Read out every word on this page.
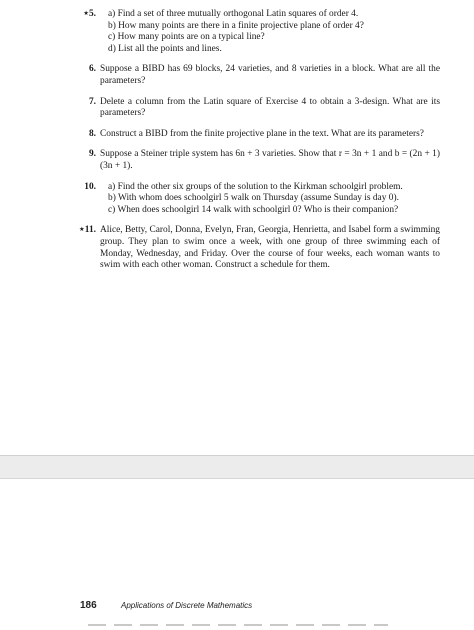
⋆5.	a) Find a set of three mutually orthogonal Latin squares of order 4.
b) How many points are there in a finite projective plane of order 4?
c) How many points are on a typical line?
d) List all the points and lines.
6. Suppose a BIBD has 69 blocks, 24 varieties, and 8 varieties in a block. What are all the parameters?
7. Delete a column from the Latin square of Exercise 4 to obtain a 3-design. What are its parameters?
8. Construct a BIBD from the finite projective plane in the text. What are its parameters?
9. Suppose a Steiner triple system has 6n + 3 varieties. Show that r = 3n + 1 and b = (2n + 1)(3n + 1).
10.	a) Find the other six groups of the solution to the Kirkman schoolgirl problem.
b) With whom does schoolgirl 5 walk on Thursday (assume Sunday is day 0).
c) When does schoolgirl 14 walk with schoolgirl 0? Who is their companion?
⋆11. Alice, Betty, Carol, Donna, Evelyn, Fran, Georgia, Henrietta, and Isabel form a swimming group. They plan to swim once a week, with one group of three swimming each of Monday, Wednesday, and Friday. Over the course of four weeks, each woman wants to swim with each other woman. Construct a schedule for them.
186	Applications of Discrete Mathematics
